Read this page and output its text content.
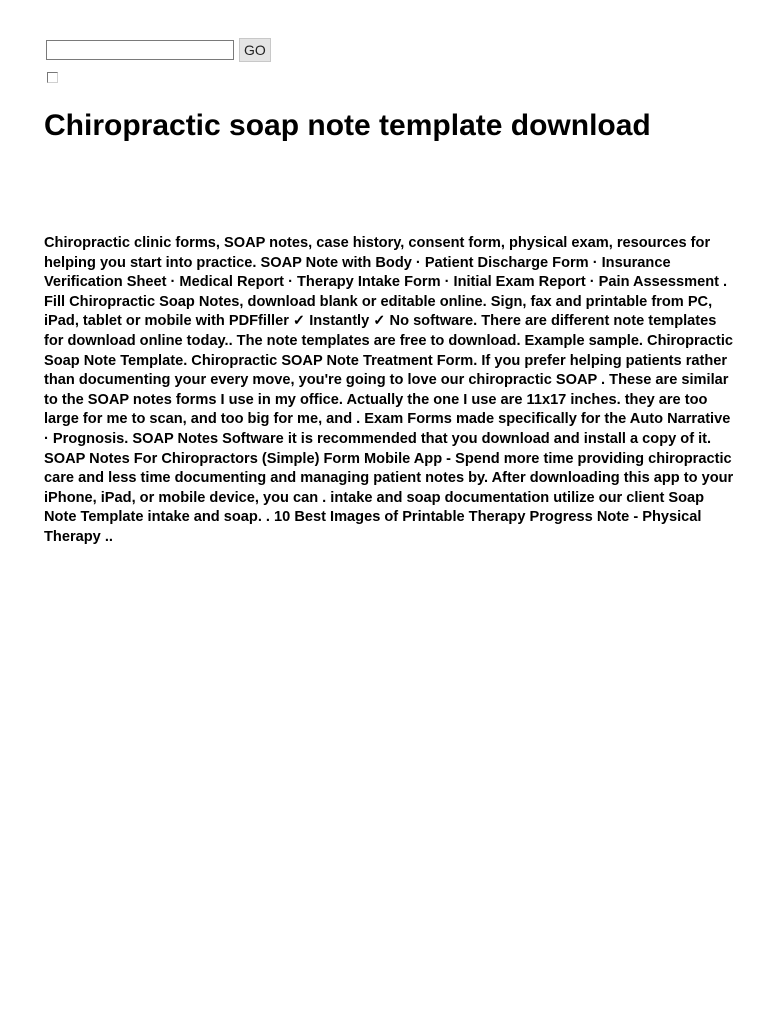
GO
Chiropractic soap note template download

Chiropractic clinic forms, SOAP notes, case history, consent form, physical exam, resources for helping you start into practice. SOAP Note with Body · Patient Discharge Form · Insurance Verification Sheet · Medical Report · Therapy Intake Form · Initial Exam Report · Pain Assessment . Fill Chiropractic Soap Notes, download blank or editable online. Sign, fax and printable from PC, iPad, tablet or mobile with PDFfiller ✓ Instantly ✓ No software. There are different note templates for download online today.. The note templates are free to download. Example sample. Chiropractic Soap Note Template. Chiropractic SOAP Note Treatment Form. If you prefer helping patients rather than documenting your every move, you're going to love our chiropractic SOAP . These are similar to the SOAP notes forms I use in my office. Actually the one I use are 11x17 inches. they are too large for me to scan, and too big for me, and . Exam Forms made specifically for the Auto Narrative · Prognosis. SOAP Notes Software it is recommended that you download and install a copy of it. SOAP Notes For Chiropractors (Simple) Form Mobile App - Spend more time providing chiropractic care and less time documenting and managing patient notes by. After downloading this app to your iPhone, iPad, or mobile device, you can . intake and soap documentation utilize our client Soap Note Template intake and soap. . 10 Best Images of Printable Therapy Progress Note - Physical Therapy ..
